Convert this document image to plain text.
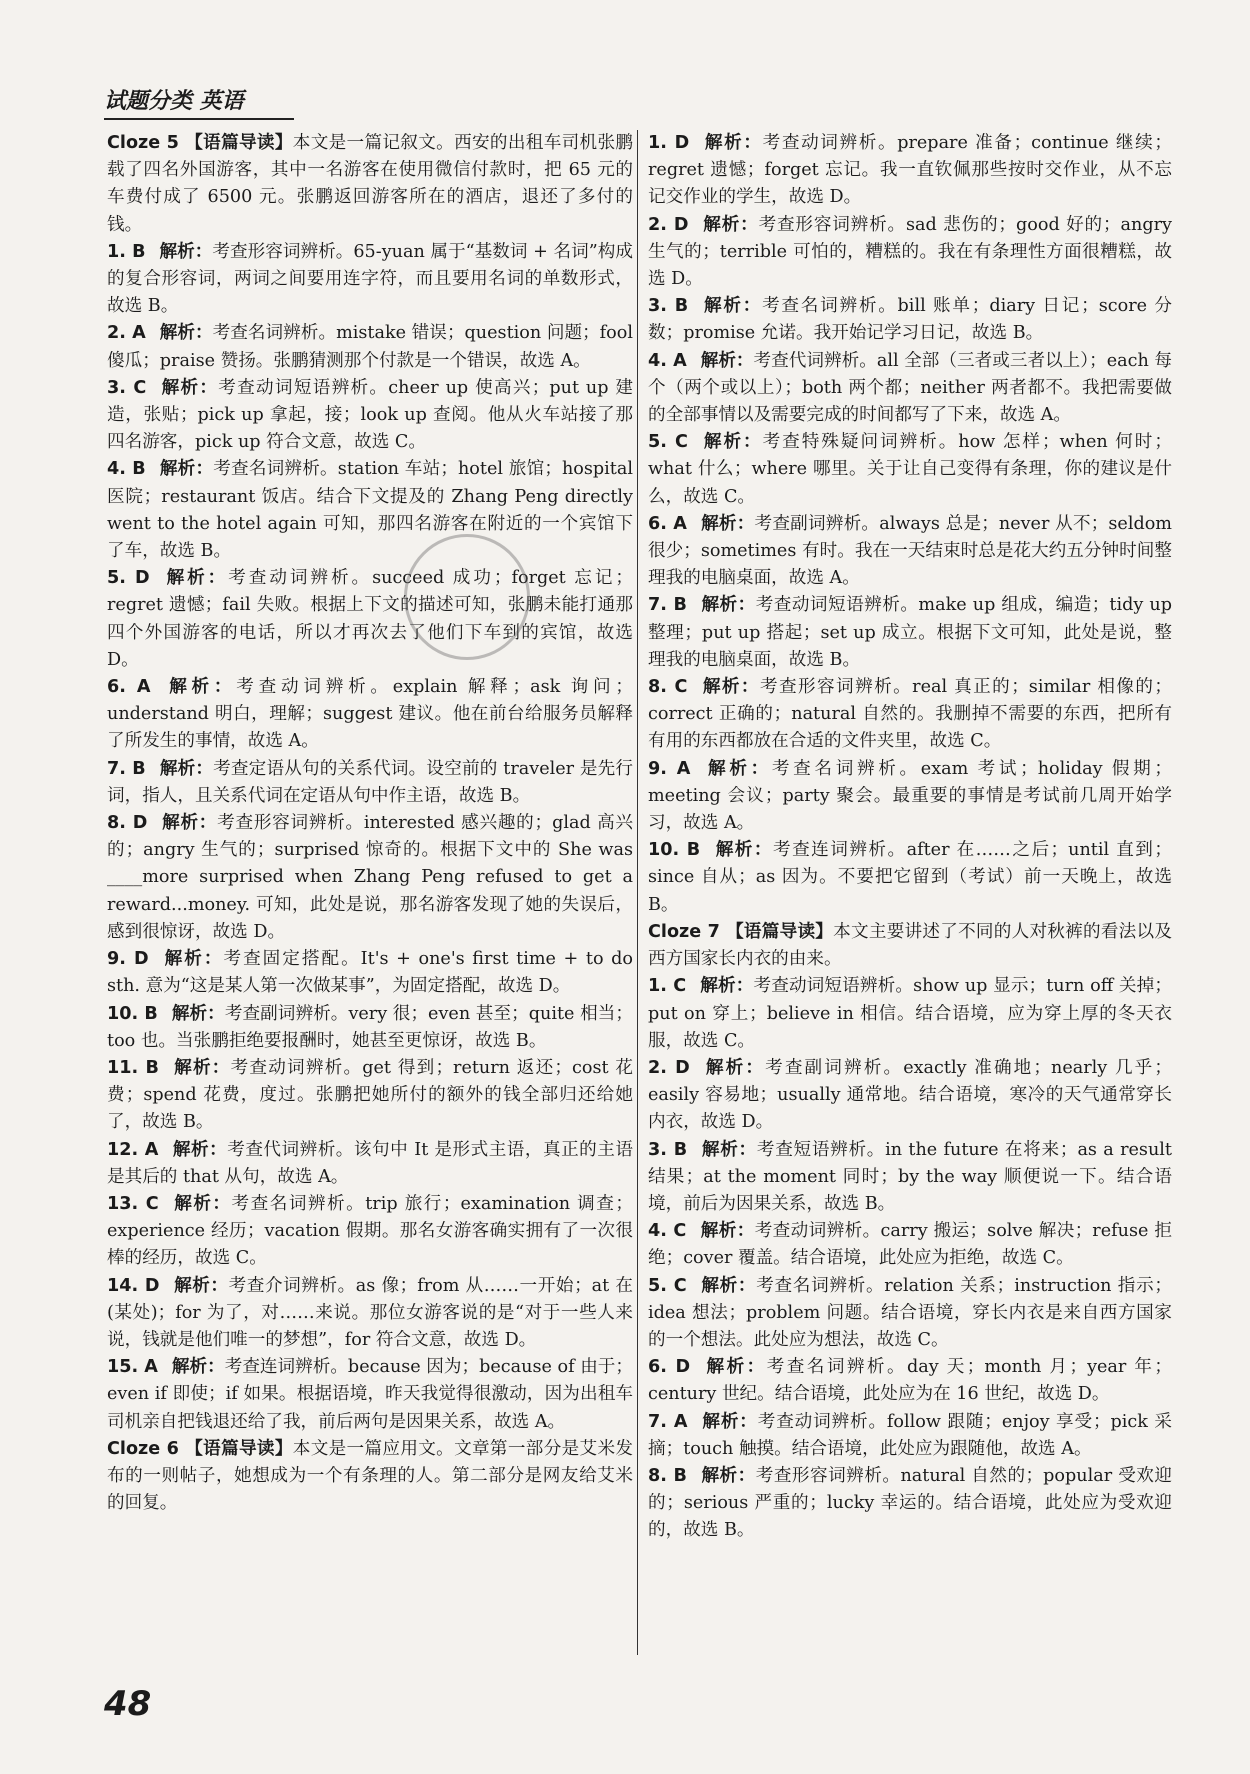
试题分类 英语

Cloze 5 【语篇导读】本文是一篇记叙文。西安的出租车司机张鹏载了四名外国游客，其中一名游客在使用微信付款时，把 65 元的车费付成了 6500 元。张鹏返回游客所在的酒店，退还了多付的钱。

1. B 解析：考查形容词辨析。65-yuan 属于“基数词 + 名词”构成的复合形容词，两词之间要用连字符，而且要用名词的单数形式，故选 B。

2. A 解析：考查名词辨析。mistake 错误；question 问题；fool 傻瓜；praise 赞扬。张鹏猜测那个付款是一个错误，故选 A。

3. C 解析：考查动词短语辨析。cheer up 使高兴；put up 建造，张贴；pick up 拿起，接；look up 查阅。他从火车站接了那四名游客，pick up 符合文意，故选 C。

4. B 解析：考查名词辨析。station 车站；hotel 旅馆；hospital 医院；restaurant 饭店。结合下文提及的 Zhang Peng directly went to the hotel again 可知，那四名游客在附近的一个宾馆下了车，故选 B。

5. D 解析：考查动词辨析。succeed 成功；forget 忘记；regret 遗憾；fail 失败。根据上下文的描述可知，张鹏未能打通那四个外国游客的电话，所以才再次去了他们下车到的宾馆，故选 D。

6. A 解析：考查动词辨析。explain 解释；ask 询问；understand 明白，理解；suggest 建议。他在前台给服务员解释了所发生的事情，故选 A。

7. B 解析：考查定语从句的关系代词。设空前的 traveler 是先行词，指人，且关系代词在定语从句中作主语，故选 B。

8. D 解析：考查形容词辨析。interested 感兴趣的；glad 高兴的；angry 生气的；surprised 惊奇的。根据下文中的 She was ____more surprised when Zhang Peng refused to get a reward...money. 可知，此处是说，那名游客发现了她的失误后，感到很惊讶，故选 D。

9. D 解析：考查固定搭配。It's + one's first time + to do sth. 意为“这是某人第一次做某事”，为固定搭配，故选 D。

10. B 解析：考查副词辨析。very 很；even 甚至；quite 相当；too 也。当张鹏拒绝要报酬时，她甚至更惊讶，故选 B。

11. B 解析：考查动词辨析。get 得到；return 返还；cost 花费；spend 花费，度过。张鹏把她所付的额外的钱全部归还给她了，故选 B。

12. A 解析：考查代词辨析。该句中 It 是形式主语，真正的主语是其后的 that 从句，故选 A。

13. C 解析：考查名词辨析。trip 旅行；examination 调查；experience 经历；vacation 假期。那名女游客确实拥有了一次很棒的经历，故选 C。

14. D 解析：考查介词辨析。as 像；from 从……一开始；at 在(某处)；for 为了，对……来说。那位女游客说的是“对于一些人来说，钱就是他们唯一的梦想”，for 符合文意，故选 D。

15. A 解析：考查连词辨析。because 因为；because of 由于；even if 即使；if 如果。根据语境，昨天我觉得很激动，因为出租车司机亲自把钱退还给了我，前后两句是因果关系，故选 A。

Cloze 6 【语篇导读】本文是一篇应用文。文章第一部分是艾米发布的一则帖子，她想成为一个有条理的人。第二部分是网友给艾米的回复。

1. D 解析：考查动词辨析。prepare 准备；continue 继续；regret 遗憾；forget 忘记。我一直钦佩那些按时交作业，从不忘记交作业的学生，故选 D。

2. D 解析：考查形容词辨析。sad 悲伤的；good 好的；angry 生气的；terrible 可怕的，糟糕的。我在有条理性方面很糟糕，故选 D。

3. B 解析：考查名词辨析。bill 账单；diary 日记；score 分数；promise 允诺。我开始记学习日记，故选 B。

4. A 解析：考查代词辨析。all 全部（三者或三者以上）；each 每个（两个或以上）；both 两个都；neither 两者都不。我把需要做的全部事情以及需要完成的时间都写了下来，故选 A。

5. C 解析：考查特殊疑问词辨析。how 怎样；when 何时；what 什么；where 哪里。关于让自己变得有条理，你的建议是什么，故选 C。

6. A 解析：考查副词辨析。always 总是；never 从不；seldom 很少；sometimes 有时。我在一天结束时总是花大约五分钟时间整理我的电脑桌面，故选 A。

7. B 解析：考查动词短语辨析。make up 组成，编造；tidy up 整理；put up 搭起；set up 成立。根据下文可知，此处是说，整理我的电脑桌面，故选 B。

8. C 解析：考查形容词辨析。real 真正的；similar 相像的；correct 正确的；natural 自然的。我删掉不需要的东西，把所有有用的东西都放在合适的文件夹里，故选 C。

9. A 解析：考查名词辨析。exam 考试；holiday 假期；meeting 会议；party 聚会。最重要的事情是考试前几周开始学习，故选 A。

10. B 解析：考查连词辨析。after 在……之后；until 直到；since 自从；as 因为。不要把它留到（考试）前一天晚上，故选 B。

Cloze 7 【语篇导读】本文主要讲述了不同的人对秋裤的看法以及西方国家长内衣的由来。

1. C 解析：考查动词短语辨析。show up 显示；turn off 关掉；put on 穿上；believe in 相信。结合语境，应为穿上厚的冬天衣服，故选 C。

2. D 解析：考查副词辨析。exactly 准确地；nearly 几乎；easily 容易地；usually 通常地。结合语境，寒冷的天气通常穿长内衣，故选 D。

3. B 解析：考查短语辨析。in the future 在将来；as a result 结果；at the moment 同时；by the way 顺便说一下。结合语境，前后为因果关系，故选 B。

4. C 解析：考查动词辨析。carry 搬运；solve 解决；refuse 拒绝；cover 覆盖。结合语境，此处应为拒绝，故选 C。

5. C 解析：考查名词辨析。relation 关系；instruction 指示；idea 想法；problem 问题。结合语境，穿长内衣是来自西方国家的一个想法。此处应为想法，故选 C。

6. D 解析：考查名词辨析。day 天；month 月；year 年；century 世纪。结合语境，此处应为在 16 世纪，故选 D。

7. A 解析：考查动词辨析。follow 跟随；enjoy 享受；pick 采摘；touch 触摸。结合语境，此处应为跟随他，故选 A。

8. B 解析：考查形容词辨析。natural 自然的；popular 受欢迎的；serious 严重的；lucky 幸运的。结合语境，此处应为受欢迎的，故选 B。

48
